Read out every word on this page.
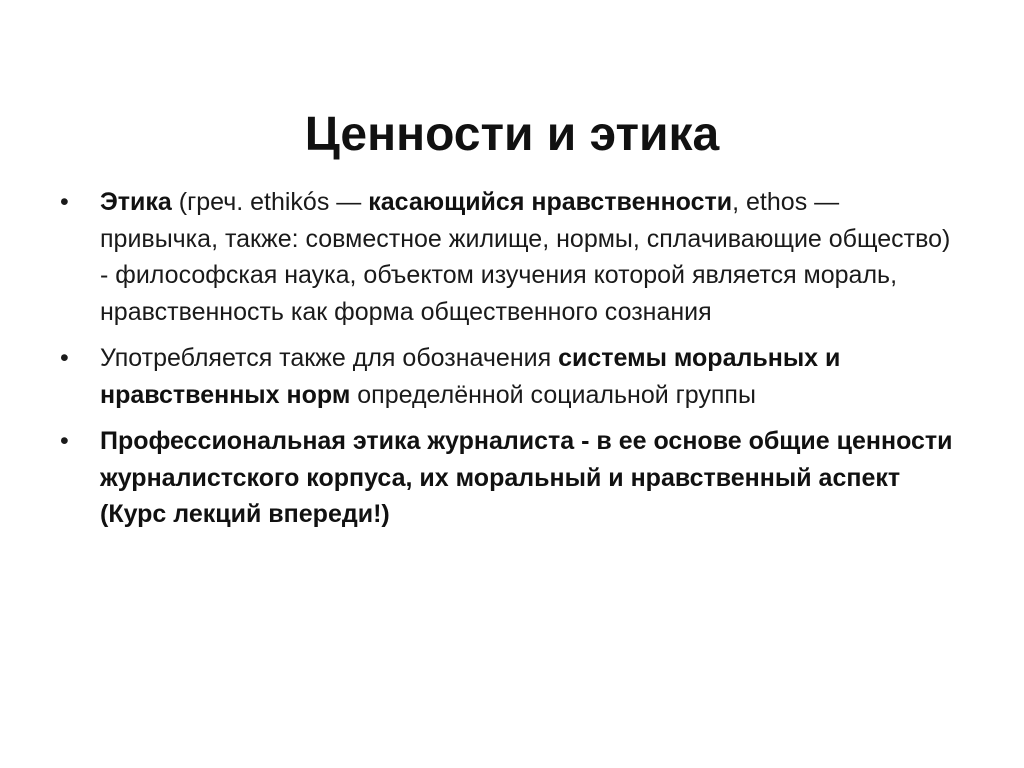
Ценности и этика
•	Этика (греч. ethikós — касающийся нравственности, ethos — привычка, также: совместное жилище, нормы, сплачивающие общество) - философская наука, объектом изучения которой является мораль, нравственность как форма общественного сознания
•	Употребляется также для обозначения системы моральных и нравственных норм определённой социальной группы
•	Профессиональная этика журналиста - в ее основе общие ценности журналистского корпуса, их моральный и нравственный аспект (Курс лекций впереди!)
